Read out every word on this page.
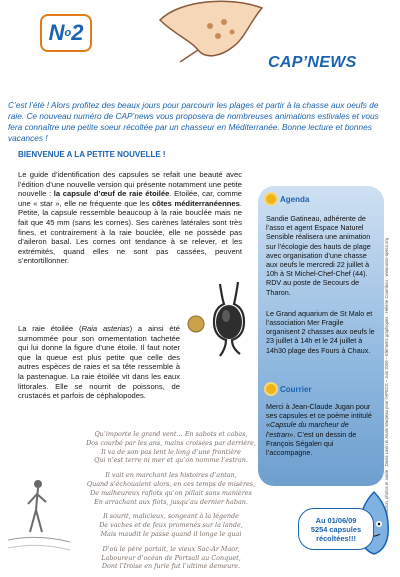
N o 2
CAP’NEWS
C’est l’été ! Alors profitez des beaux jours pour parcourir les plages et partir à la chasse aux oeufs de raie. Ce nouveau numéro de CAP’news vous proposera de nombreuses animations estivales et vous fera connaître une petite soeur récoltée par un chasseur en Méditerranée. Bonne lecture et bonnes vacances !
BIENVENUE A LA PETITE NOUVELLE !
Le guide d’identification des capsules se refait une beauté avec l’édition d’une nouvelle version qui présente notamment une petite nouvelle : la capsule d’œuf de raie étoilée. Etoilée, car, comme une « star », elle ne fréquente que les côtes méditerranéennes. Petite, la capsule ressemble beaucoup à la raie bouclée mais ne fait que 45 mm (sans les cornes). Ses carènes latérales sont très fines, et contrairement à la raie bouclée, elle ne possède pas d’aileron basal. Les cornes ont tendance à se relever, et les extrémités, quand elles ne sont pas cassées, peuvent s’entortillonner.
La raie étoilée (Raia asterias) a ainsi été surnommée pour son ornementation tachetée qui lui donne la figure d’une étoile. Il faut noter que la queue est plus petite que celle des autres espèces de raies et sa tête ressemble à la pastenague. La raie étoilée vit dans les eaux littorales. Elle se nourrit de poissons, de crustacés et parfois de céphalopodes.
Qu’importe le grand vent… En sabots et cabas,
Dos courbé par les ans, mains croisées par derrière,
Il va de son pas lent le long d’une frontière
Qui n’est terre ni mer et qu’on nomme l’estran.
Il vait en marchant les histoires d’antan,
Quand s’échouaient alors, en ces temps de misères,
De malheureux rafiots qu’on pillait sans manières
En arrachant aux flots, jusqu’au dernier haban.
Il sourit, malicieux, songeant à la légende
De vaches et de feux promenés sur la lande,
Mais maudit le passé quand il longe le quai
D’où le père partait, le vieux Sac-Ar Maor,
Laboureur d’océan de Portsall au Conquet,
Dont l’Iroise en furie fut l’ultime demeure.
Agenda
Sandie Gatineau, adhérente de l’asso et agent Espace Naturel Sensible réalisera une animation sur l’écologie des hauts de plage avec organisation d’une chasse aux oeufs le mercredi 22 juillet à 10h à St Michel-Chef-Chef (44). RDV au poste de Secours de Tharon.
Le Grand aquarium de St Malo et l’association Mer Fragile organisent 2 chasses aux oeufs le 23 juillet à 14h et le 24 juillet à 14h30 plage des Fours à Chaux.
Courrier
Merci à Jean-Claude Jugan pour ses capsules et ce poème intitulé «Capsule du marcheur de l’estran». C’est un dessin de François Ségalen qui l’accompagne.	Rédaction, photos et saisie : David Lavin et Anaïs Warpeau pour l’APECS – Juin 2009 – Eléments graphiques : Hélène Courribou · www.asso-apecs.org
Au 01/06/09
5254 capsules
récoltées!!!
